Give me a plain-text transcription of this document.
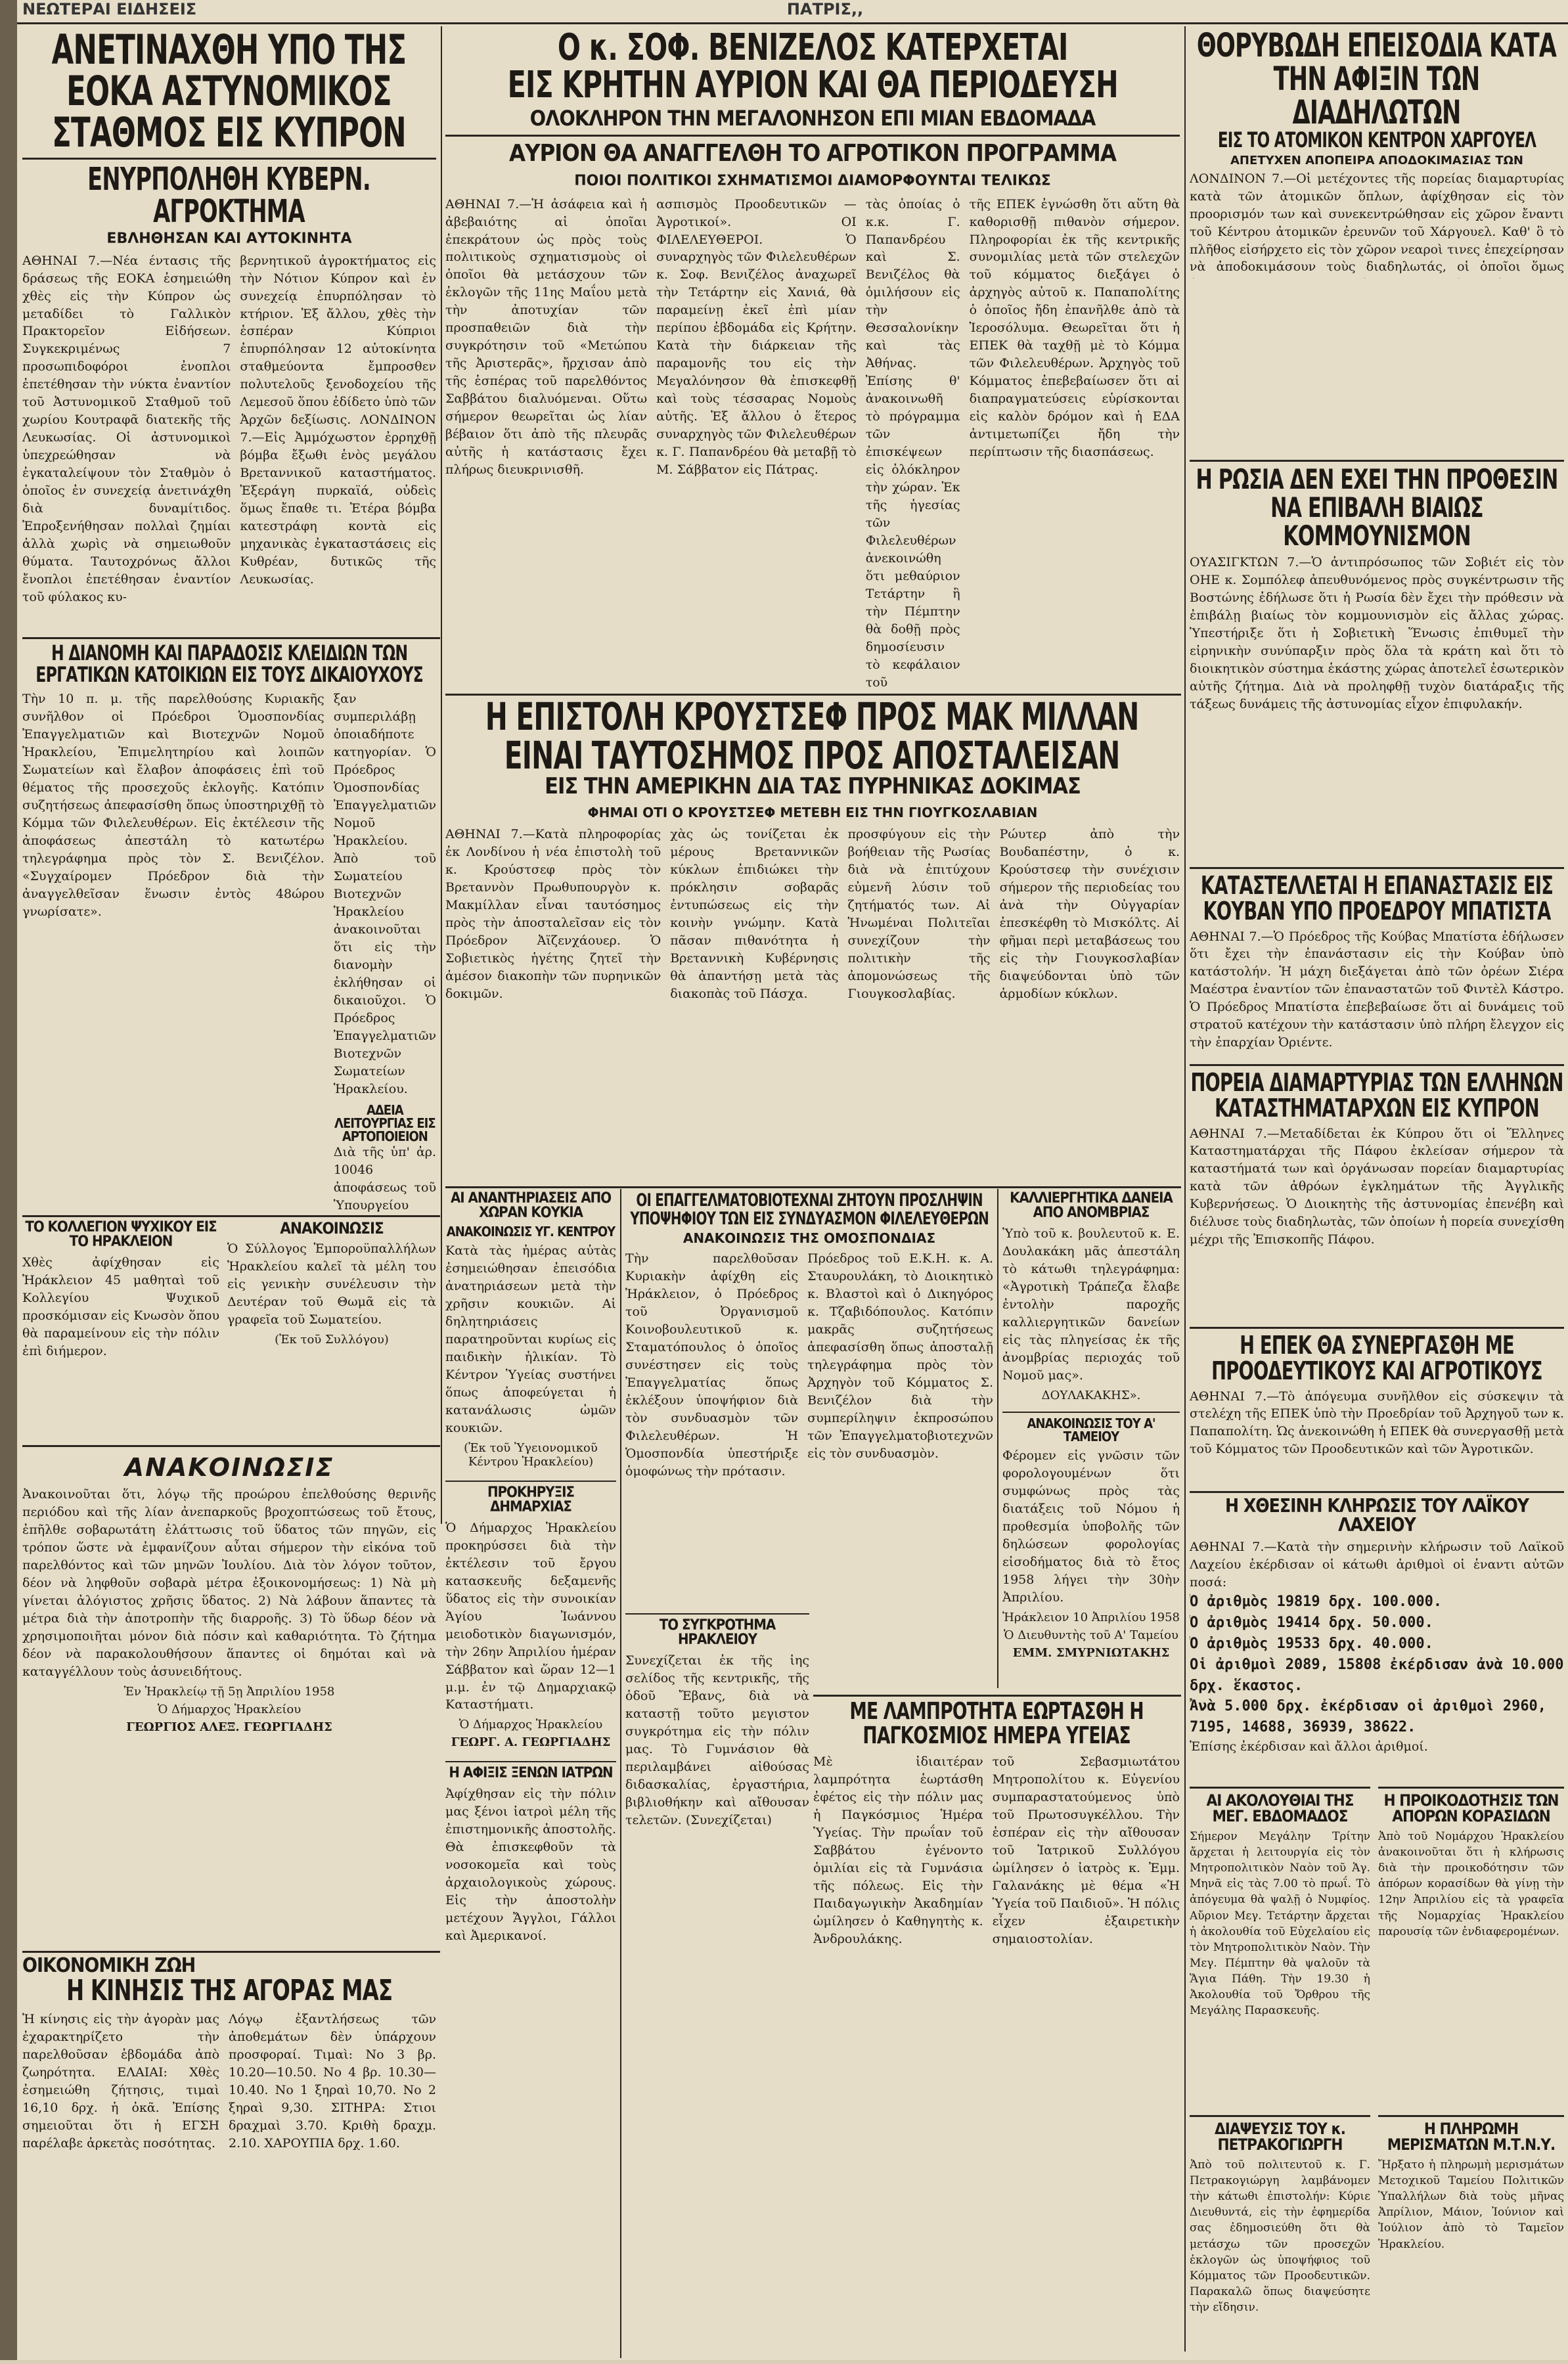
ΝΕΩΤΕΡΑΙ ΕΙΔΗΣΕΙΣ	ΠΑΤΡΙΣ,,
ΑΝΕΤΙΝΑΧΘΗ ΥΠΟ ΤΗΣ ΕΟΚΑ ΑΣΤΥΝΟΜΙΚΟΣ ΣΤΑΘΜΟΣ ΕΙΣ ΚΥΠΡΟΝ
ΕΝΥΡΠΟΛΗΘΗ ΚΥΒΕΡΝ. ΑΓΡΟΚΤΗΜΑ
ΕΒΛΗΘΗΣΑΝ ΚΑΙ ΑΥΤΟΚΙΝΗΤΑ

ΑΘΗΝΑΙ 7.—Νέα έντασις τῆς δράσεως τῆς ΕΟΚΑ ἐσημειώθη χθὲς εἰς τὴν Κύπρον ὡς μεταδίδει τὸ Γαλλικὸν Πρακτορεῖον Εἰδήσεων. Συγκεκριμένως 7 προσωπιδοφόροι ἐνοπλοι ἐπετέθησαν τὴν νύκτα ἐναντίον τοῦ Ἀστυνομικοῦ Σταθμοῦ τοῦ χωρίου Κουτραφᾶ διατεκῆς τῆς Λευκωσίας. Οἱ ἀστυνομικοὶ ὑπεχρεώθησαν νὰ ἐγκαταλείψουν τὸν Σταθμὸν ὁ ὁποῖος ἐν συνεχείᾳ ἀνετινάχθη διὰ δυναμίτιδος. Ἐπροξενήθησαν πολλαὶ ζημίαι ἀλλὰ χωρὶς νὰ σημειωθοῦν θύματα. Ταυτοχρόνως ἄλλοι ἔνοπλοι ἐπετέθησαν ἐναντίον τοῦ φύλακος κυ-

βερνητικοῦ ἀγροκτήματος εἰς τὴν Νότιον Κύπρον καὶ ἐν συνεχείᾳ ἐπυρπόλησαν τὸ κτήριον. Ἐξ ἄλλου, χθὲς τὴν ἑσπέραν Κύπριοι ἐπυρπόλησαν 12 αὐτοκίνητα σταθμεύοντα ἔμπροσθεν πολυτελοῦς ξενοδοχείου τῆς Λεμεσοῦ ὅπου ἐδίδετο ὑπὸ τῶν Ἀρχῶν δεξίωσις. ΛΟΝΔΙΝΟΝ 7.—Εἰς Ἀμμόχωστον ἐρρηχθῇ βόμβα ἔξωθι ἑνὸς μεγάλου Βρεταννικοῦ καταστήματος. Ἐξεράγη πυρκαϊά, οὐδεὶς ὅμως ἔπαθε τι. Ἑτέρα βόμβα κατεστράφη κοντὰ εἰς μηχανικὰς ἐγκαταστάσεις εἰς Κυθρέαν, δυτικῶς τῆς Λευκωσίας.

Ο κ. ΣΟΦ. ΒΕΝΙΖΕΛΟΣ ΚΑΤΕΡΧΕΤΑΙ
ΕΙΣ ΚΡΗΤΗΝ ΑΥΡΙΟΝ ΚΑΙ ΘΑ ΠΕΡΙΟΔΕΥΣΗ
ΟΛΟΚΛΗΡΟΝ ΤΗΝ ΜΕΓΑΛΟΝΗΣΟΝ ΕΠΙ ΜΙΑΝ ΕΒΔΟΜΑΔΑ
ΑΥΡΙΟΝ ΘΑ ΑΝΑΓΓΕΛΘΗ ΤΟ ΑΓΡΟΤΙΚΟΝ ΠΡΟΓΡΑΜΜΑ
ΠΟΙΟΙ ΠΟΛΙΤΙΚΟΙ ΣΧΗΜΑΤΙΣΜΟΙ ΔΙΑΜΟΡΦΟΥΝΤΑΙ ΤΕΛΙΚΩΣ

ΑΘΗΝΑΙ 7.—Ἡ ἀσάφεια καὶ ἡ ἀβεβαιότης αἱ ὁποῖαι ἐπεκράτουν ὡς πρὸς τοὺς πολιτικοὺς σχηματισμοὺς οἱ ὁποῖοι θὰ μετάσχουν τῶν ἐκλογῶν τῆς 11ης Μαΐου μετὰ τὴν ἀποτυχίαν τῶν προσπαθειῶν διὰ τὴν συγκρότησιν τοῦ «Μετώπου τῆς Ἀριστερᾶς», ἤρχισαν ἀπὸ τῆς ἑσπέρας τοῦ παρελθόντος Σαββάτου διαλυόμεναι. Οὕτω σήμερον θεωρεῖται ὡς λίαν βέβαιον ὅτι ἀπὸ τῆς πλευρᾶς αὐτῆς ἡ κατάστασις ἔχει πλήρως διευκρινισθῆ.

ασπισμὸς Προοδευτικῶν — Ἀγροτικοί». ΟΙ ΦΙΛΕΛΕΥΘΕΡΟΙ. Ὁ συναρχηγὸς τῶν Φιλελευθέρων κ. Σοφ. Βενιζέλος ἀναχωρεῖ τὴν Τετάρτην εἰς Χανιά, θὰ παραμείνῃ ἐκεῖ ἐπὶ μίαν περίπου ἑβδομάδα εἰς Κρήτην. Κατὰ τὴν διάρκειαν τῆς παραμονῆς του εἰς τὴν Μεγαλόνησον θὰ ἐπισκεφθῇ καὶ τοὺς τέσσαρας Νομοὺς αὐτῆς. Ἐξ ἄλλου ὁ ἕτερος συναρχηγὸς τῶν Φιλελευθέρων κ. Γ. Παπανδρέου θὰ μεταβῇ τὸ Μ. Σάββατον εἰς Πάτρας.

τὰς ὁποίας ὁ κ.κ. Γ. Παπανδρέου καὶ Σ. Βενιζέλος θὰ ὁμιλήσουν εἰς τὴν Θεσσαλονίκην καὶ τὰς Ἀθήνας. Ἐπίσης θ' ἀνακοινωθῆ τὸ πρόγραμμα τῶν ἐπισκέψεων εἰς ὁλόκληρον τὴν χώραν. Ἐκ τῆς ἡγεσίας τῶν Φιλελευθέρων ἀνεκοινώθη ὅτι μεθαύριον Τετάρτην ἢ τὴν Πέμπτην θὰ δοθῇ πρὸς δημοσίευσιν τὸ κεφάλαιον τοῦ

τῆς ΕΠΕΚ ἐγνώσθη ὅτι αὕτη θὰ καθορισθῇ πιθανὸν σήμερον. Πληροφορίαι ἐκ τῆς κεντρικῆς συνομιλίας μετὰ τῶν στελεχῶν τοῦ κόμματος διεξάγει ὁ ἀρχηγὸς αὐτοῦ κ. Παπαπολίτης ὁ ὁποῖος ἤδη ἐπανῆλθε ἀπὸ τὰ Ἱεροσόλυμα. Θεωρεῖται ὅτι ἡ ΕΠΕΚ θὰ ταχθῇ μὲ τὸ Κόμμα τῶν Φιλελευθέρων. Ἀρχηγὸς τοῦ Κόμματος ἐπεβεβαίωσεν ὅτι αἱ διαπραγματεύσεις εὑρίσκονται εἰς καλὸν δρόμον καὶ ἡ ΕΔΑ ἀντιμετωπίζει ἤδη τὴν περίπτωσιν τῆς διασπάσεως.

ΘΟΡΥΒΩΔΗ ΕΠΕΙΣΟΔΙΑ ΚΑΤΑ ΤΗΝ ΑΦΙΞΙΝ ΤΩΝ ΔΙΑΔΗΛΩΤΩΝ
ΕΙΣ ΤΟ ΑΤΟΜΙΚΟΝ ΚΕΝΤΡΟΝ ΧΑΡΓΟΥΕΛ
ΑΠΕΤΥΧΕΝ ΑΠΟΠΕΙΡΑ ΑΠΟΔΟΚΙΜΑΣΙΑΣ ΤΩΝ

ΛΟΝΔΙΝΟΝ 7.—Οἱ μετέχοντες τῆς πορείας διαμαρτυρίας κατὰ τῶν ἀτομικῶν ὅπλων, ἀφίχθησαν εἰς τὸν προορισμόν των καὶ συνεκεντρώθησαν εἰς χῶρον ἔναντι τοῦ Κέντρου ἀτομικῶν ἐρευνῶν τοῦ Χάργουελ. Καθ' ὃ τὸ πλῆθος εἰσήρχετο εἰς τὸν χῶρον νεαροὶ τινες ἐπεχείρησαν νὰ ἀποδοκιμάσουν τοὺς διαδηλωτάς, οἱ ὁποῖοι ὅμως

Η ΡΩΣΙΑ ΔΕΝ ΕΧΕΙ ΤΗΝ ΠΡΟΘΕΣΙΝ ΝΑ ΕΠΙΒΑΛΗ ΒΙΑΙΩΣ ΚΟΜΜΟΥΝΙΣΜΟΝ

ΟΥΑΣΙΓΚΤΩΝ 7.—Ὁ ἀντιπρόσωπος τῶν Σοβιέτ εἰς τὸν ΟΗΕ κ. Σομπόλεφ ἀπευθυνόμενος πρὸς συγκέντρωσιν τῆς Βοστώνης ἐδήλωσε ὅτι ἡ Ρωσία δὲν ἔχει τὴν πρόθεσιν νὰ ἐπιβάλῃ βιαίως τὸν κομμουνισμὸν εἰς ἄλλας χώρας. Ὑπεστήριξε ὅτι ἡ Σοβιετικὴ Ἕνωσις ἐπιθυμεῖ τὴν εἰρηνικὴν συνύπαρξιν πρὸς ὅλα τὰ κράτη καὶ ὅτι τὸ διοικητικὸν σύστημα ἑκάστης χώρας ἀποτελεῖ ἐσωτερικὸν αὐτῆς ζήτημα. Διὰ νὰ προληφθῇ τυχὸν διατάραξις τῆς τάξεως δυνάμεις τῆς ἀστυνομίας εἶχον ἐπιφυλακήν.

ΚΑΤΑΣΤΕΛΛΕΤΑΙ Η ΕΠΑΝΑΣΤΑΣΙΣ ΕΙΣ ΚΟΥΒΑΝ ΥΠΟ ΠΡΟΕΔΡΟΥ ΜΠΑΤΙΣΤΑ

ΑΘΗΝΑΙ 7.—Ὁ Πρόεδρος τῆς Κούβας Μπατίστα ἐδήλωσεν ὅτι ἔχει τὴν ἐπανάστασιν εἰς τὴν Κούβαν ὑπὸ κατάστολήν. Ἡ μάχη διεξάγεται ἀπὸ τῶν ὀρέων Σιέρα Μαέστρα ἐναντίον τῶν ἐπαναστατῶν τοῦ Φιντὲλ Κάστρο. Ὁ Πρόεδρος Μπατίστα ἐπεβεβαίωσε ὅτι αἱ δυνάμεις τοῦ στρατοῦ κατέχουν τὴν κατάστασιν ὑπὸ πλήρη ἔλεγχον εἰς τὴν ἐπαρχίαν Ὀριέντε.

ΠΟΡΕΙΑ ΔΙΑΜΑΡΤΥΡΙΑΣ ΤΩΝ ΕΛΛΗΝΩΝ ΚΑΤΑΣΤΗΜΑΤΑΡΧΩΝ ΕΙΣ ΚΥΠΡΟΝ

ΑΘΗΝΑΙ 7.—Μεταδίδεται ἐκ Κύπρου ὅτι οἱ Ἕλληνες Καταστηματάρχαι τῆς Πάφου ἐκλείσαν σήμερον τὰ καταστήματά των καὶ ὀργάνωσαν πορείαν διαμαρτυρίας κατὰ τῶν ἀθρόων ἐγκλημάτων τῆς Ἀγγλικῆς Κυβερνήσεως. Ὁ Διοικητὴς τῆς ἀστυνομίας ἐπενέβη καὶ διέλυσε τοὺς διαδηλωτὰς, τῶν ὁποίων ἡ πορεία συνεχίσθη μέχρι τῆς Ἐπισκοπῆς Πάφου.

Η ΕΠΕΚ ΘΑ ΣΥΝΕΡΓΑΣΘΗ ΜΕ ΠΡΟΟΔΕΥΤΙΚΟΥΣ ΚΑΙ ΑΓΡΟΤΙΚΟΥΣ

ΑΘΗΝΑΙ 7.—Τὸ ἀπόγευμα συνῆλθον εἰς σύσκεψιν τὰ στελέχη τῆς ΕΠΕΚ ὑπὸ τὴν Προεδρίαν τοῦ Ἀρχηγοῦ των κ. Παπαπολίτη. Ὡς ἀνεκοινώθη ἡ ΕΠΕΚ θὰ συνεργασθῇ μετὰ τοῦ Κόμματος τῶν Προοδευτικῶν καὶ τῶν Ἀγροτικῶν.

Η ΧΘΕΣΙΝΗ ΚΛΗΡΩΣΙΣ ΤΟΥ ΛΑΪΚΟΥ ΛΑΧΕΙΟΥ

ΑΘΗΝΑΙ 7.—Κατὰ τὴν σημερινὴν κλήρωσιν τοῦ Λαϊκοῦ Λαχείου ἐκέρδισαν οἱ κάτωθι ἀριθμοὶ οἱ ἐναντι αὐτῶν ποσά:

Ὁ ἀριθμὸς 19819 δρχ. 100.000.
Ὁ ἀριθμὸς 19414 δρχ. 50.000.
Ὁ ἀριθμὸς 19533 δρχ. 40.000.
Οἱ ἀριθμοὶ 2089, 15808 ἐκέρδισαν ἀνὰ 10.000 δρχ. ἕκαστος.
Ἀνὰ 5.000 δρχ. ἐκέρδισαν οἱ ἀριθμοὶ 2960, 7195, 14688, 36939, 38622.

Ἐπίσης ἐκέρδισαν καὶ ἄλλοι ἀριθμοί.

ΑΙ ΑΚΟΛΟΥΘΙΑΙ ΤΗΣ ΜΕΓ. ΕΒΔΟΜΑΔΟΣ

Σήμερον Μεγάλην Τρίτην ἄρχεται ἡ λειτουργία εἰς τὸν Μητροπολιτικὸν Ναὸν τοῦ Ἁγ. Μηνᾶ εἰς τὰς 7.00 τὸ πρωΐ. Τὸ ἀπόγευμα θὰ ψαλῇ ὁ Νυμφίος. Αὔριον Μεγ. Τετάρτην ἄρχεται ἡ ἀκολουθία τοῦ Εὐχελαίου εἰς τὸν Μητροπολιτικὸν Ναὸν. Τὴν Μεγ. Πέμπτην θὰ ψαλοῦν τὰ Ἅγια Πάθη. Τὴν 19.30 ἡ Ἀκολουθία τοῦ Ὄρθρου τῆς Μεγάλης Παρασκευῆς.

Η ΠΡΟΙΚΟΔΟΤΗΣΙΣ ΤΩΝ ΑΠΟΡΩΝ ΚΟΡΑΣΙΔΩΝ

Ἀπὸ τοῦ Νομάρχου Ἡρακλείου ἀνακοινοῦται ὅτι ἡ κλήρωσις διὰ τὴν προικοδότησιν τῶν ἀπόρων κορασίδων θὰ γίνῃ τὴν 12ην Ἀπριλίου εἰς τὰ γραφεῖα τῆς Νομαρχίας Ἡρακλείου παρουσίᾳ τῶν ἐνδιαφερομένων.

ΔΙΑΨΕΥΣΙΣ ΤΟΥ κ. ΠΕΤΡΑΚΟΓΙΩΡΓΗ

Ἀπὸ τοῦ πολιτευτοῦ κ. Γ. Πετρακογιώργη λαμβάνομεν τὴν κάτωθι ἐπιστολήν: Κύριε Διευθυντά, εἰς τὴν ἐφημερίδα σας ἐδημοσιεύθη ὅτι θὰ μετάσχω τῶν προσεχῶν ἐκλογῶν ὡς ὑποψήφιος τοῦ Κόμματος τῶν Προοδευτικῶν. Παρακαλῶ ὅπως διαψεύσητε τὴν εἴδησιν.

Η ΠΛΗΡΩΜΗ ΜΕΡΙΣΜΑΤΩΝ Μ.Τ.Ν.Υ.

Ἤρξατο ἡ πληρωμὴ μερισμάτων Μετοχικοῦ Ταμείου Πολιτικῶν Ὑπαλλήλων διὰ τοὺς μῆνας Ἀπρίλιον, Μάιον, Ἰούνιον καὶ Ἰούλιον ἀπὸ τὸ Ταμεῖον Ἡρακλείου.

Η ΕΠΙΣΤΟΛΗ ΚΡΟΥΣΤΣΕΦ ΠΡΟΣ ΜΑΚ ΜΙΛΛΑΝ
ΕΙΝΑΙ ΤΑΥΤΟΣΗΜΟΣ ΠΡΟΣ ΑΠΟΣΤΑΛΕΙΣΑΝ
ΕΙΣ ΤΗΝ ΑΜΕΡΙΚΗΝ ΔΙΑ ΤΑΣ ΠΥΡΗΝΙΚΑΣ ΔΟΚΙΜΑΣ
ΦΗΜΑΙ ΟΤΙ Ο ΚΡΟΥΣΤΣΕΦ ΜΕΤΕΒΗ ΕΙΣ ΤΗΝ ΓΙΟΥΓΚΟΣΛΑΒΙΑΝ

ΑΘΗΝΑΙ 7.—Κατὰ πληροφορίας ἐκ Λονδίνου ἡ νέα ἐπιστολὴ τοῦ κ. Κρούστσεφ πρὸς τὸν Βρεταννὸν Πρωθυπουργὸν κ. Μακμίλλαν εἶναι ταυτόσημος πρὸς τὴν ἀποσταλεῖσαν εἰς τὸν Πρόεδρον Ἀϊζενχάουερ. Ὁ Σοβιετικὸς ἡγέτης ζητεῖ τὴν ἀμέσον διακοπὴν τῶν πυρηνικῶν δοκιμῶν.

χὰς ὡς τονίζεται ἐκ μέρους Βρεταννικῶν κύκλων ἐπιδιώκει τὴν πρόκλησιν σοβαρᾶς ἐντυπώσεως εἰς τὴν κοινὴν γνώμην. Κατὰ πᾶσαν πιθανότητα ἡ Βρεταννικὴ Κυβέρνησις θὰ ἀπαντήσῃ μετὰ τὰς διακοπὰς τοῦ Πάσχα.

προσφύγουν εἰς τὴν βοήθειαν τῆς Ρωσίας διὰ νὰ ἐπιτύχουν εὐμενῆ λύσιν τοῦ ζητήματός των. Αἱ Ἡνωμέναι Πολιτεῖαι συνεχίζουν τὴν πολιτικὴν τῆς ἀπομονώσεως τῆς Γιουγκοσλαβίας.

Ρώυτερ ἀπὸ τὴν Βουδαπέστην, ὁ κ. Κρούστσεφ τὴν συνέχισιν σήμερον τῆς περιοδείας του ἀνὰ τὴν Οὐγγαρίαν ἐπεσκέφθη τὸ Μισκόλτς. Αἱ φῆμαι περὶ μεταβάσεως του εἰς τὴν Γιουγκοσλαβίαν διαψεύδονται ὑπὸ τῶν ἁρμοδίων κύκλων.

Η ΔΙΑΝΟΜΗ ΚΑΙ ΠΑΡΑΔΟΣΙΣ ΚΛΕΙΔΙΩΝ ΤΩΝ ΕΡΓΑΤΙΚΩΝ ΚΑΤΟΙΚΙΩΝ ΕΙΣ ΤΟΥΣ ΔΙΚΑΙΟΥΧΟΥΣ

Τὴν 10 π. μ. τῆς παρελθούσης Κυριακῆς συνῆλθον οἱ Πρόεδροι Ὁμοσπονδίας Ἐπαγγελματιῶν καὶ Βιοτεχνῶν Νομοῦ Ἡρακλείου, Ἐπιμελητηρίου καὶ λοιπῶν Σωματείων καὶ ἔλαβον ἀποφάσεις ἐπὶ τοῦ θέματος τῆς προσεχοῦς ἐκλογῆς. Κατόπιν συζητήσεως ἀπεφασίσθη ὅπως ὑποστηριχθῇ τὸ Κόμμα τῶν Φιλελευθέρων. Εἰς ἐκτέλεσιν τῆς ἀποφάσεως ἀπεστάλη τὸ κατωτέρω τηλεγράφημα πρὸς τὸν Σ. Βενιζέλον. «Συγχαίρομεν Πρόεδρον διὰ τὴν ἀναγγελθεῖσαν ἕνωσιν ἐντὸς 48ώρου γνωρίσατε».

ξαν συμπεριλάβῃ ὁποιαδήποτε κατηγορίαν. Ὁ Πρόεδρος Ὁμοσπονδίας Ἐπαγγελματιῶν Νομοῦ Ἡρακλείου. Ἀπὸ τοῦ Σωματείου Βιοτεχνῶν Ἡρακλείου ἀνακοινοῦται ὅτι εἰς τὴν διανομὴν ἐκλήθησαν οἱ δικαιοῦχοι. Ὁ Πρόεδρος Ἐπαγγελματιῶν Βιοτεχνῶν Σωματείων Ἡρακλείου.

ΑΔΕΙΑ ΛΕΙΤΟΥΡΓΙΑΣ ΕΙΣ ΑΡΤΟΠΟΙΕΙΟΝ

Διὰ τῆς ὑπ' ἀρ. 10046 ἀποφάσεως τοῦ Ὑπουργείου

ΤΟ ΚΟΛΛΕΓΙΟΝ ΨΥΧΙΚΟΥ ΕΙΣ ΤΟ ΗΡΑΚΛΕΙΟΝ

Χθὲς ἀφίχθησαν εἰς Ἡράκλειον 45 μαθηταὶ τοῦ Κολλεγίου Ψυχικοῦ προσκόμισαν εἰς Κνωσὸν ὅπου θὰ παραμείνουν εἰς τὴν πόλιν ἐπὶ διήμερον.

ΑΝΑΚΟΙΝΩΣΙΣ

Ὁ Σύλλογος Ἐμποροϋπαλλήλων Ἡρακλείου καλεῖ τὰ μέλη του εἰς γενικὴν συνέλευσιν τὴν Δευτέραν τοῦ Θωμᾶ εἰς τὰ γραφεῖα τοῦ Σωματείου.

(Ἐκ τοῦ Συλλόγου)
ΑΝΑΚΟΙΝΩΣΙΣ

Ἀνακοινοῦται ὅτι, λόγῳ τῆς προώρου ἐπελθούσης θερινῆς περιόδου καὶ τῆς λίαν ἀνεπαρκοῦς βροχοπτώσεως τοῦ ἔτους, ἐπῆλθε σοβαρωτάτη ἐλάττωσις τοῦ ὕδατος τῶν πηγῶν, εἰς τρόπον ὥστε νὰ ἐμφανίζουν αὗται σήμερον τὴν εἰκόνα τοῦ παρελθόντος καὶ τῶν μηνῶν Ἰουλίου. Διὰ τὸν λόγον τοῦτον, δέον νὰ ληφθοῦν σοβαρὰ μέτρα ἐξοικονομήσεως: 1) Νὰ μὴ γίνεται ἀλόγιστος χρῆσις ὕδατος. 2) Νὰ λάβουν ἅπαντες τὰ μέτρα διὰ τὴν ἀποτροπὴν τῆς διαρροῆς. 3) Τὸ ὕδωρ δέον νὰ χρησιμοποιῆται μόνον διὰ πόσιν καὶ καθαριότητα. Τὸ ζήτημα δέον νὰ παρακολουθήσουν ἅπαντες οἱ δημόται καὶ νὰ καταγγέλλουν τοὺς ἀσυνειδήτους.

Ἐν Ἡρακλείῳ τῇ 5ῃ Ἀπριλίου 1958
Ὁ Δήμαρχος Ἡρακλείου
ΓΕΩΡΓΙΟΣ ΑΛΕΞ. ΓΕΩΡΓΙΑΔΗΣ
ΟΙΚΟΝΟΜΙΚΗ ΖΩΗ
Η ΚΙΝΗΣΙΣ ΤΗΣ ΑΓΟΡΑΣ ΜΑΣ

Ἡ κίνησις εἰς τὴν ἀγορὰν μας ἐχαρακτηρίζετο τὴν παρελθοῦσαν ἑβδομάδα ἀπὸ ζωηρότητα. ΕΛΑΙΑΙ: Χθὲς ἐσημειώθη ζήτησις, τιμαὶ 16,10 δρχ. ἡ ὀκᾶ. Ἐπίσης σημειοῦται ὅτι ἡ ΕΓΣΗ παρέλαβε ἀρκετὰς ποσότητας.

Λόγῳ ἐξαντλήσεως τῶν ἀποθεμάτων δὲν ὑπάρχουν προσφοραί. Τιμαὶ: No 3 βρ. 10.20—10.50. No 4 βρ. 10.30—10.40. No 1 ξηραὶ 10,70. No 2 ξηραὶ 9,30. ΣΙΤΗΡΑ: Στιοι δραχμαὶ 3.70. Κριθὴ δραχμ. 2.10. ΧΑΡΟΥΠΙΑ δρχ. 1.60.

ΑΙ ΑΝΑΝΤΗΡΙΑΣΕΙΣ ΑΠΟ ΧΩΡΑΝ ΚΟΥΚΙΑ
ΑΝΑΚΟΙΝΩΣΙΣ ΥΓ. ΚΕΝΤΡΟΥ

Κατὰ τὰς ἡμέρας αὐτὰς ἐσημειώθησαν ἐπεισόδια ἀνατηριάσεων μετὰ τὴν χρῆσιν κουκιῶν. Αἱ δηλητηριάσεις παρατηροῦνται κυρίως εἰς παιδικὴν ἡλικίαν. Τὸ Κέντρον Ὑγείας συστήνει ὅπως ἀποφεύγεται ἡ κατανάλωσις ὠμῶν κουκιῶν.

(Ἐκ τοῦ Ὑγειονομικοῦ Κέντρου Ἡρακλείου)
ΠΡΟΚΗΡΥΞΙΣ ΔΗΜΑΡΧΙΑΣ

Ὁ Δήμαρχος Ἡρακλείου προκηρύσσει διὰ τὴν ἐκτέλεσιν τοῦ ἔργου κατασκευῆς δεξαμενῆς ὕδατος εἰς τὴν συνοικίαν Ἁγίου Ἰωάννου μειοδοτικὸν διαγωνισμόν, τὴν 26ην Ἀπριλίου ἡμέραν Σάββατον καὶ ὥραν 12—1 μ.μ. ἐν τῷ Δημαρχιακῷ Καταστήματι.

Ὁ Δήμαρχος Ἡρακλείου
ΓΕΩΡΓ. Α. ΓΕΩΡΓΙΑΔΗΣ
Η ΑΦΙΞΙΣ ΞΕΝΩΝ ΙΑΤΡΩΝ

Ἀφίχθησαν εἰς τὴν πόλιν μας ξένοι ἰατροὶ μέλη τῆς ἐπιστημονικῆς ἀποστολῆς. Θὰ ἐπισκεφθοῦν τὰ νοσοκομεῖα καὶ τοὺς ἀρχαιολογικοὺς χώρους. Εἰς τὴν ἀποστολὴν μετέχουν Ἄγγλοι, Γάλλοι καὶ Ἀμερικανοί.

ΟΙ ΕΠΑΓΓΕΛΜΑΤΟΒΙΟΤΕΧΝΑΙ ΖΗΤΟΥΝ ΠΡΟΣΛΗΨΙΝ ΥΠΟΨΗΦΙΟΥ ΤΩΝ ΕΙΣ ΣΥΝΔΥΑΣΜΟΝ ΦΙΛΕΛΕΥΘΕΡΩΝ
ΑΝΑΚΟΙΝΩΣΙΣ ΤΗΣ ΟΜΟΣΠΟΝΔΙΑΣ

Τὴν παρελθοῦσαν Κυριακὴν ἀφίχθη εἰς Ἡράκλειον, ὁ Πρόεδρος τοῦ Ὀργανισμοῦ Κοινοβουλευτικοῦ κ. Σταματόπουλος ὁ ὁποῖος συνέστησεν εἰς τοὺς Ἐπαγγελματίας ὅπως ἐκλέξουν ὑποψήφιον διὰ τὸν συνδυασμὸν τῶν Φιλελευθέρων. Ἡ Ὁμοσπονδία ὑπεστήριξε ὁμοφώνως τὴν πρότασιν.

Πρόεδρος τοῦ Ε.Κ.Η. κ. Α. Σταυρουλάκη, τὸ Διοικητικὸ κ. Βλαστοὶ καὶ ὁ Δικηγόρος κ. Τζαβιδόπουλος. Κατόπιν μακρᾶς συζητήσεως ἀπεφασίσθη ὅπως ἀποσταλῇ τηλεγράφημα πρὸς τὸν Ἀρχηγὸν τοῦ Κόμματος Σ. Βενιζέλον διὰ τὴν συμπερίληψιν ἐκπροσώπου τῶν Ἐπαγγελματοβιοτεχνῶν εἰς τὸν συνδυασμὸν.

ΤΟ ΣΥΓΚΡΟΤΗΜΑ ΗΡΑΚΛΕΙΟΥ

Συνεχίζεται ἐκ τῆς ἰης σελίδος τῆς κεντρικῆς, τῆς ὁδοῦ Ἔβανς, διὰ νὰ καταστῇ τοῦτο μεγιστον συγκρότημα εἰς τὴν πόλιν μας. Τὸ Γυμνάσιον θὰ περιλαμβάνει αἰθούσας διδασκαλίας, ἐργαστήρια, βιβλιοθήκην καὶ αἴθουσαν τελετῶν. (Συνεχίζεται)

ΚΑΛΛΙΕΡΓΗΤΙΚΑ ΔΑΝΕΙΑ ΑΠΟ ΑΝΟΜΒΡΙΑΣ

Ὑπὸ τοῦ κ. βουλευτοῦ κ. Ε. Δουλακάκη μᾶς ἀπεστάλη τὸ κάτωθι τηλεγράφημα: «Ἀγροτικὴ Τράπεζα ἔλαβε ἐντολὴν παροχῆς καλλιεργητικῶν δανείων εἰς τὰς πληγείσας ἐκ τῆς ἀνομβρίας περιοχάς τοῦ Νομοῦ μας».

ΔΟΥΛΑΚΑΚΗΣ».
ΑΝΑΚΟΙΝΩΣΙΣ ΤΟΥ Α' ΤΑΜΕΙΟΥ

Φέρομεν εἰς γνῶσιν τῶν φορολογουμένων ὅτι συμφώνως πρὸς τὰς διατάξεις τοῦ Νόμου ἡ προθεσμία ὑποβολῆς τῶν δηλώσεων φορολογίας εἰσοδήματος διὰ τὸ ἔτος 1958 λήγει τὴν 30ὴν Ἀπριλίου.

Ἡράκλειον 10 Ἀπριλίου 1958
Ὁ Διευθυντὴς τοῦ Α' Ταμείου
ΕΜΜ. ΣΜΥΡΝΙΩΤΑΚΗΣ
ΜΕ ΛΑΜΠΡΟΤΗΤΑ ΕΩΡΤΑΣΘΗ Η ΠΑΓΚΟΣΜΙΟΣ ΗΜΕΡΑ ΥΓΕΙΑΣ

Μὲ ἰδιαιτέραν λαμπρότητα ἑωρτάσθη ἐφέτος εἰς τὴν πόλιν μας ἡ Παγκόσμιος Ἡμέρα Ὑγείας. Τὴν πρωΐαν τοῦ Σαββάτου ἐγένοντο ὁμιλίαι εἰς τὰ Γυμνάσια τῆς πόλεως. Εἰς τὴν Παιδαγωγικὴν Ἀκαδημίαν ὡμίλησεν ὁ Καθηγητὴς κ. Ἀνδρουλάκης.

τοῦ Σεβασμιωτάτου Μητροπολίτου κ. Εὐγενίου συμπαραστατούμενος ὑπὸ τοῦ Πρωτοσυγκέλλου. Τὴν ἑσπέραν εἰς τὴν αἴθουσαν τοῦ Ἰατρικοῦ Συλλόγου ὡμίλησεν ὁ ἰατρὸς κ. Ἐμμ. Γαλανάκης μὲ θέμα «Ἡ Ὑγεία τοῦ Παιδιοῦ». Ἡ πόλις εἶχεν ἐξαιρετικὴν σημαιοστολίαν.
